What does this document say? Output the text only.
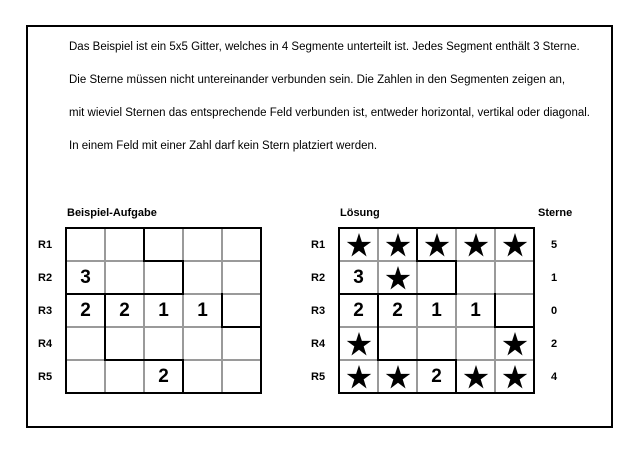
Das Beispiel ist ein 5x5 Gitter, welches in 4 Segmente unterteilt ist. Jedes Segment enthält 3 Sterne.
Die Sterne müssen nicht untereinander verbunden sein. Die Zahlen in den Segmenten zeigen an,
mit wieviel Sternen das entsprechende Feld verbunden ist, entweder horizontal, vertikal oder diagonal.
In einem Feld mit einer Zahl darf kein Stern platziert werden.
Beispiel-Aufgabe	Lösung	Sterne
R1
R2
R3
R4
R5
R1
R2
R3
R4
R5
3
2 2 1 1
2
3
2 2 1 1
2
5
1
0
2
4
